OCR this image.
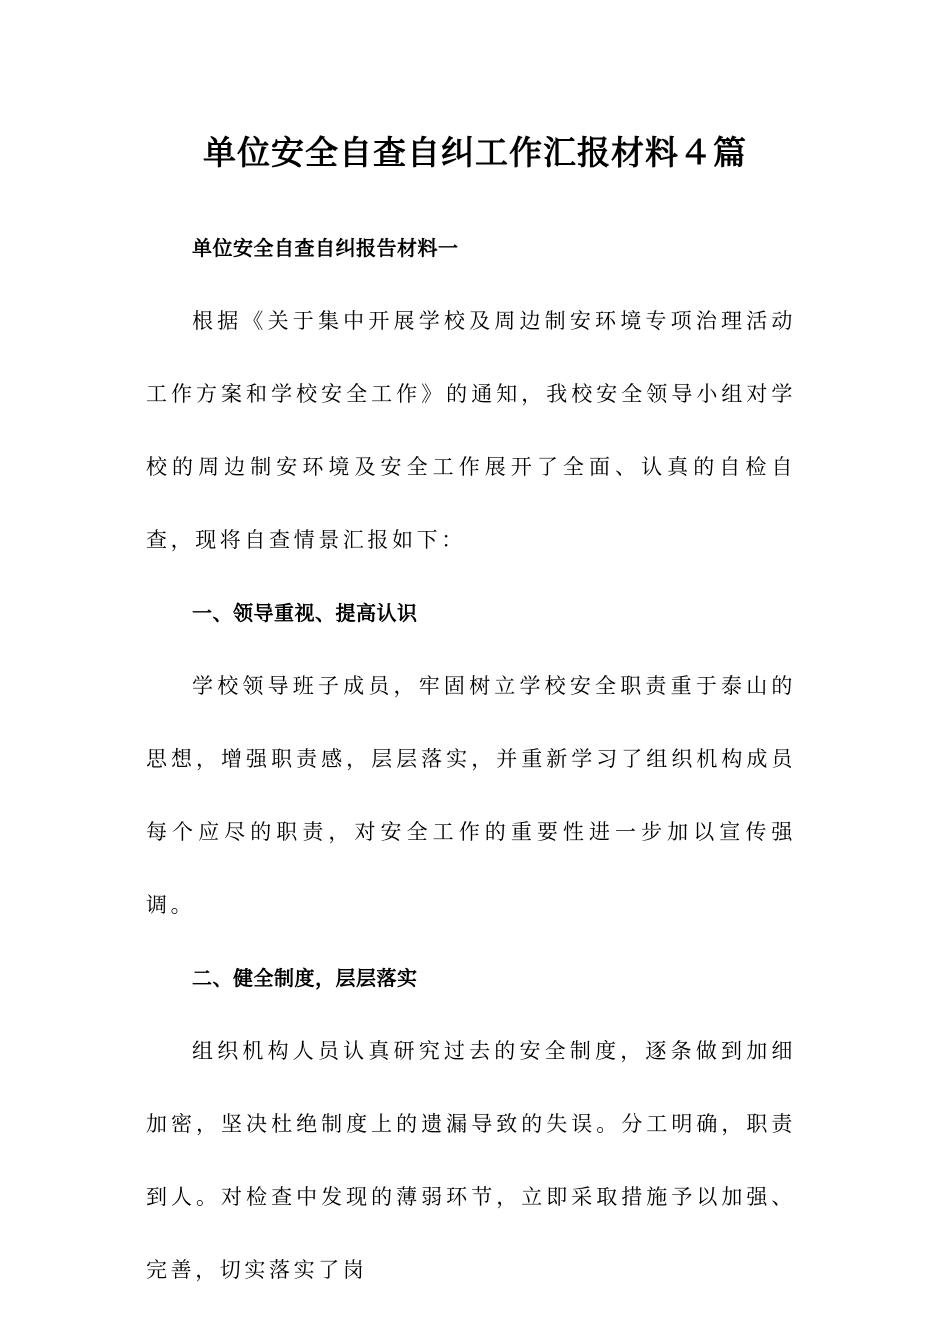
单位安全自查自纠工作汇报材料４篇
单位安全自查自纠报告材料一

根据《关于集中开展学校及周边制安环境专项治理活动工作方案和学校安全工作》的通知，我校安全领导小组对学校的周边制安环境及安全工作展开了全面、认真的自检自查，现将自查情景汇报如下：

一、领导重视、提高认识

学校领导班子成员，牢固树立学校安全职责重于泰山的思想，增强职责感，层层落实，并重新学习了组织机构成员每个应尽的职责，对安全工作的重要性进一步加以宣传强调。

二、健全制度，层层落实

组织机构人员认真研究过去的安全制度，逐条做到加细加密，坚决杜绝制度上的遗漏导致的失误。分工明确，职责到人。对检查中发现的薄弱环节，立即采取措施予以加强、完善，切实落实了岗
